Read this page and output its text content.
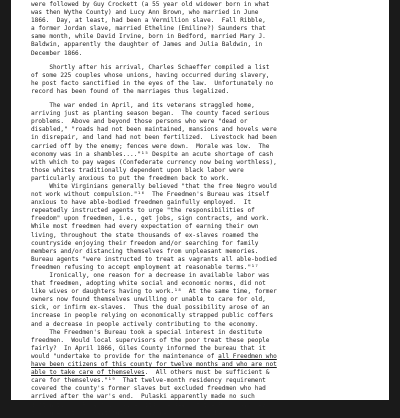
were followed by Guy Crockett (a 55 year old widower born in what
was then Wythe County) and Lucy Ann Brown, who married in June
1866.  Day, at least, had been a Vermillion slave.  Fall Ribble,
a former Jordan slave, married Etheline (Emiline?) Saunders that
same month, while David Irvine, born in Bedford, married Mary J.
Baldwin, apparently the daughter of James and Julia Baldwin, in
December 1866.
Shortly after his arrival, Charles Schaeffer compiled a list
of some 225 couples whose unions, having occurred during slavery,
he post facto sanctified in the eyes of the law.  Unfortunately no
record has been found of the marriages thus legalized.
The war ended in April, and its veterans straggled home,
arriving just as planting season began.  The county faced serious
problems.  Above and beyond those persons who were "dead or
disabled," "roads had not been maintained, mansions and hovels were
in disrepair, and land had not been fertilized.  Livestock had been
carried off by the enemy; fences were down.  Morale was low.  The
economy was in a shambles...."¹⁵ Despite an acute shortage of cash
with which to pay wages (Confederate currency now being worthless),
those whites traditionally dependent upon black labor were
particularly anxious to put the freedmen back to work.
White Virginians generally believed "that the free Negro would
not work without compulsion."¹⁶  The Freedmen's Bureau was itself
anxious to have able-bodied freedmen gainfully employed.  It
repeatedly instructed agents to urge "the responsibilities of
freedom" upon freedmen, i.e., get jobs, sign contracts, and work.
While most freedmen had every expectation of earning their own
living, throughout the state thousands of ex-slaves roamed the
countryside enjoying their freedom and/or searching for family
members and/or distancing themselves from unpleasant memories.
Bureau agents "were instructed to treat as vagrants all able-bodied
freedmen refusing to accept employment at reasonable terms."¹⁷
Ironically, one reason for a decrease in available labor was
that freedmen, adopting white social and economic norms, did not
like wives or daughters having to work.¹⁸  At the same time, former
owners now found themselves unwilling or unable to care for old,
sick, or infirm ex-slaves.  Thus the dual possibility arose of an
increase in people relying on economically strapped public coffers
and a decrease in people actively contributing to the economy.
The Freedmen's Bureau took a special interest in destitute
freedmen.  Would local supervisors of the poor treat these people
fairly?  In April 1866, Giles County informed the bureau that it
would "undertake to provide for the maintenance of all Freedmen who
have been citizens of this county for twelve months and who are not
able to take care of themselves.  All others must be sufficient &
care for themselves."¹⁹  That twelve-month residency requirement
covered the county's former slaves but excluded freedmen who had
arrived after the war's end.  Pulaski apparently made no such
distinction.  Robert Woolwine, its Overseer of the Poor, assured
the bureau that "destitute colored persons" would be provided for
